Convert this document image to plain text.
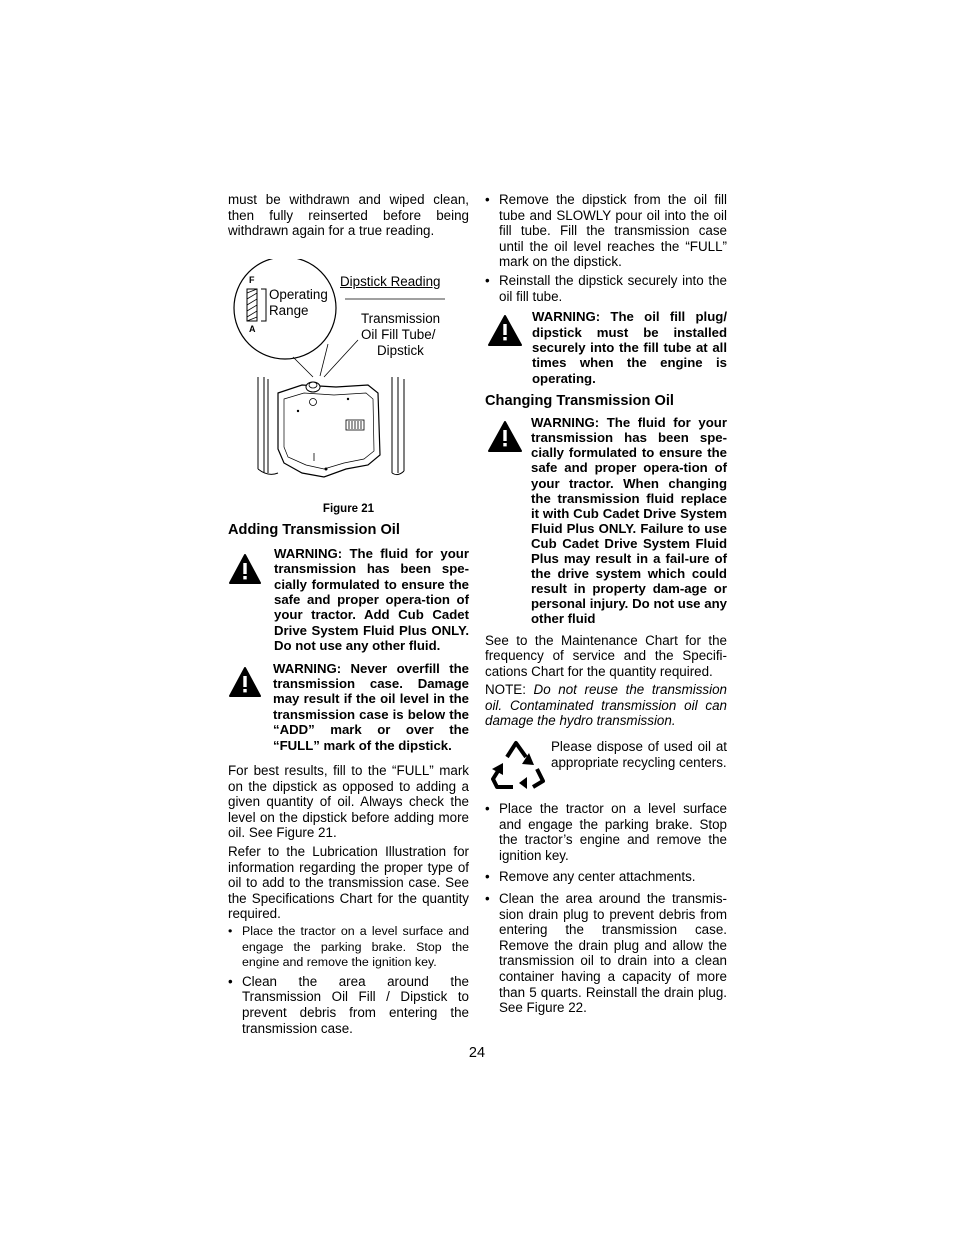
must be withdrawn and wiped clean, then fully reinserted before being withdrawn again for a true reading.

F
A
Operating
Range
Dipstick Reading
Transmission
Oil Fill Tube/
Dipstick
Figure 21
Adding Transmission Oil
WARNING: The fluid for your transmission has been spe-cially formulated to ensure the safe and proper opera-tion of your tractor. Add Cub Cadet Drive System Fluid Plus ONLY. Do not use any other fluid.
WARNING: Never overfill the transmission case. Damage may result if the oil level in the transmission case is below the “ADD” mark or over the “FULL” mark of the dipstick.

For best results, fill to the “FULL” mark on the dipstick as opposed to adding a given quantity of oil. Always check the level on the dipstick before adding more oil. See Figure 21.

Refer to the Lubrication Illustration for information regarding the proper type of oil to add to the transmission case. See the Specifications Chart for the quantity required.

• Place the tractor on a level surface and engage the parking brake. Stop the engine and remove the ignition key.
• Clean the area around the Transmission Oil Fill / Dipstick to prevent debris from entering the transmission case.
• Remove the dipstick from the oil fill tube and SLOWLY pour oil into the oil fill tube. Fill the transmission case until the oil level reaches the “FULL” mark on the dipstick.
• Reinstall the dipstick securely into the oil fill tube.
WARNING: The oil fill plug/ dipstick must be installed securely into the fill tube at all times when the engine is operating.
Changing Transmission Oil
WARNING: The fluid for your transmission has been spe-cially formulated to ensure the safe and proper opera-tion of your tractor. When changing the transmission fluid replace it with Cub Cadet Drive System Fluid Plus ONLY. Failure to use Cub Cadet Drive System Fluid Plus may result in a fail-ure of the drive system which could result in property dam-age or personal injury. Do not use any other fluid

See to the Maintenance Chart for the frequency of service and the Specifi-cations Chart for the quantity required.

NOTE: Do not reuse the transmission oil. Contaminated transmission oil can damage the hydro transmission.

Please dispose of used oil at appropriate recycling centers.

• Place the tractor on a level surface and engage the parking brake. Stop the tractor’s engine and remove the ignition key.
• Remove any center attachments.
• Clean the area around the transmis-sion drain plug to prevent debris from entering the transmission case. Remove the drain plug and allow the transmission oil to drain into a clean container having a capacity of more than 5 quarts. Reinstall the drain plug. See Figure 22.
24
